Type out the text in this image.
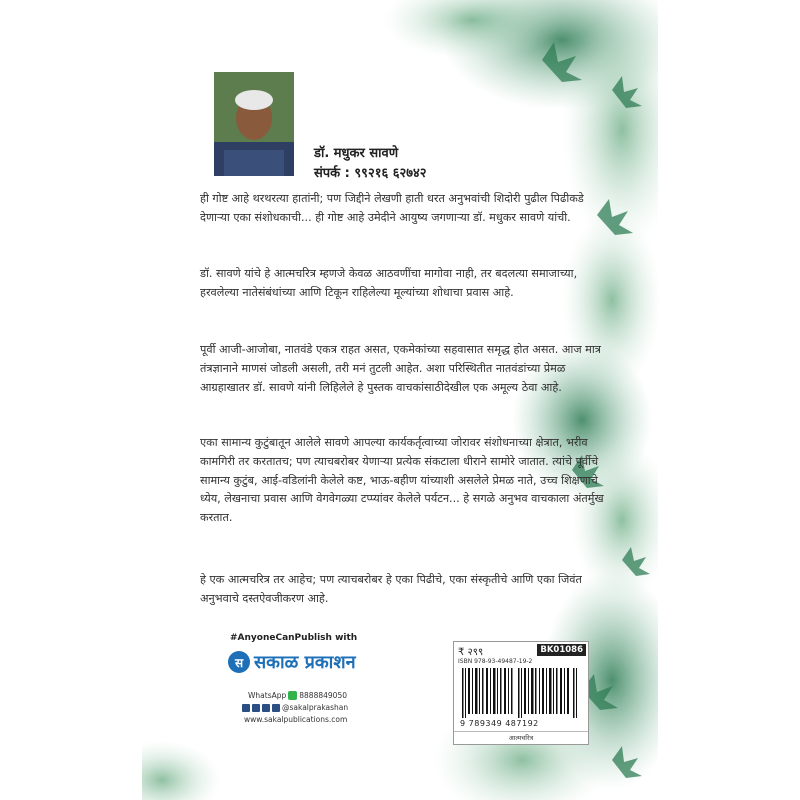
डॉ. मधुकर सावणे
संपर्क : ९९२१६ ६२७४२

ही गोष्ट आहे थरथरत्या हातांनी; पण जिद्दीने लेखणी हाती धरत अनुभवांची शिदोरी पुढील पिढीकडे देणाऱ्या एका संशोधकाची... ही गोष्ट आहे उमेदीने आयुष्य जगणाऱ्या डॉ. मधुकर सावणे यांची.

डॉ. सावणे यांचे हे आत्मचरित्र म्हणजे केवळ आठवणींचा मागोवा नाही, तर बदलत्या समाजाच्या, हरवलेल्या नातेसंबंधांच्या आणि टिकून राहिलेल्या मूल्यांच्या शोधाचा प्रवास आहे.

पूर्वी आजी-आजोबा, नातवंडे एकत्र राहत असत, एकमेकांच्या सहवासात समृद्ध होत असत. आज मात्र तंत्रज्ञानाने माणसं जोडली असली, तरी मनं तुटली आहेत. अशा परिस्थितीत नातवंडांच्या प्रेमळ आग्रहाखातर डॉ. सावणे यांनी लिहिलेले हे पुस्तक वाचकांसाठीदेखील एक अमूल्य ठेवा आहे.

एका सामान्य कुटुंबातून आलेले सावणे आपल्या कार्यकर्तृत्वाच्या जोरावर संशोधनाच्या क्षेत्रात, भरीव कामगिरी तर करतातच; पण त्याचबरोबर येणाऱ्या प्रत्येक संकटाला धीराने सामोरे जातात. त्यांचे पूर्वीचे सामान्य कुटुंब, आई-वडिलांनी केलेले कष्ट, भाऊ-बहीण यांच्याशी असलेले प्रेमळ नाते, उच्च शिक्षणाचे ध्येय, लेखनाचा प्रवास आणि वेगवेगळ्या टप्प्यांवर केलेले पर्यटन... हे सगळे अनुभव वाचकाला अंतर्मुख करतात.

हे एक आत्मचरित्र तर आहेच; पण त्याचबरोबर हे एका पिढीचे, एका संस्कृतीचे आणि एका जिवंत अनुभवाचे दस्तऐवजीकरण आहे.

#AnyoneCanPublish with
स सकाळ प्रकाशन
WhatsApp 8888849050
@sakalprakashan
www.sakalpublications.com
₹ २९९	BK01086
ISBN 978-93-49487-19-2
9 789349 487192
आत्मचरित्र
